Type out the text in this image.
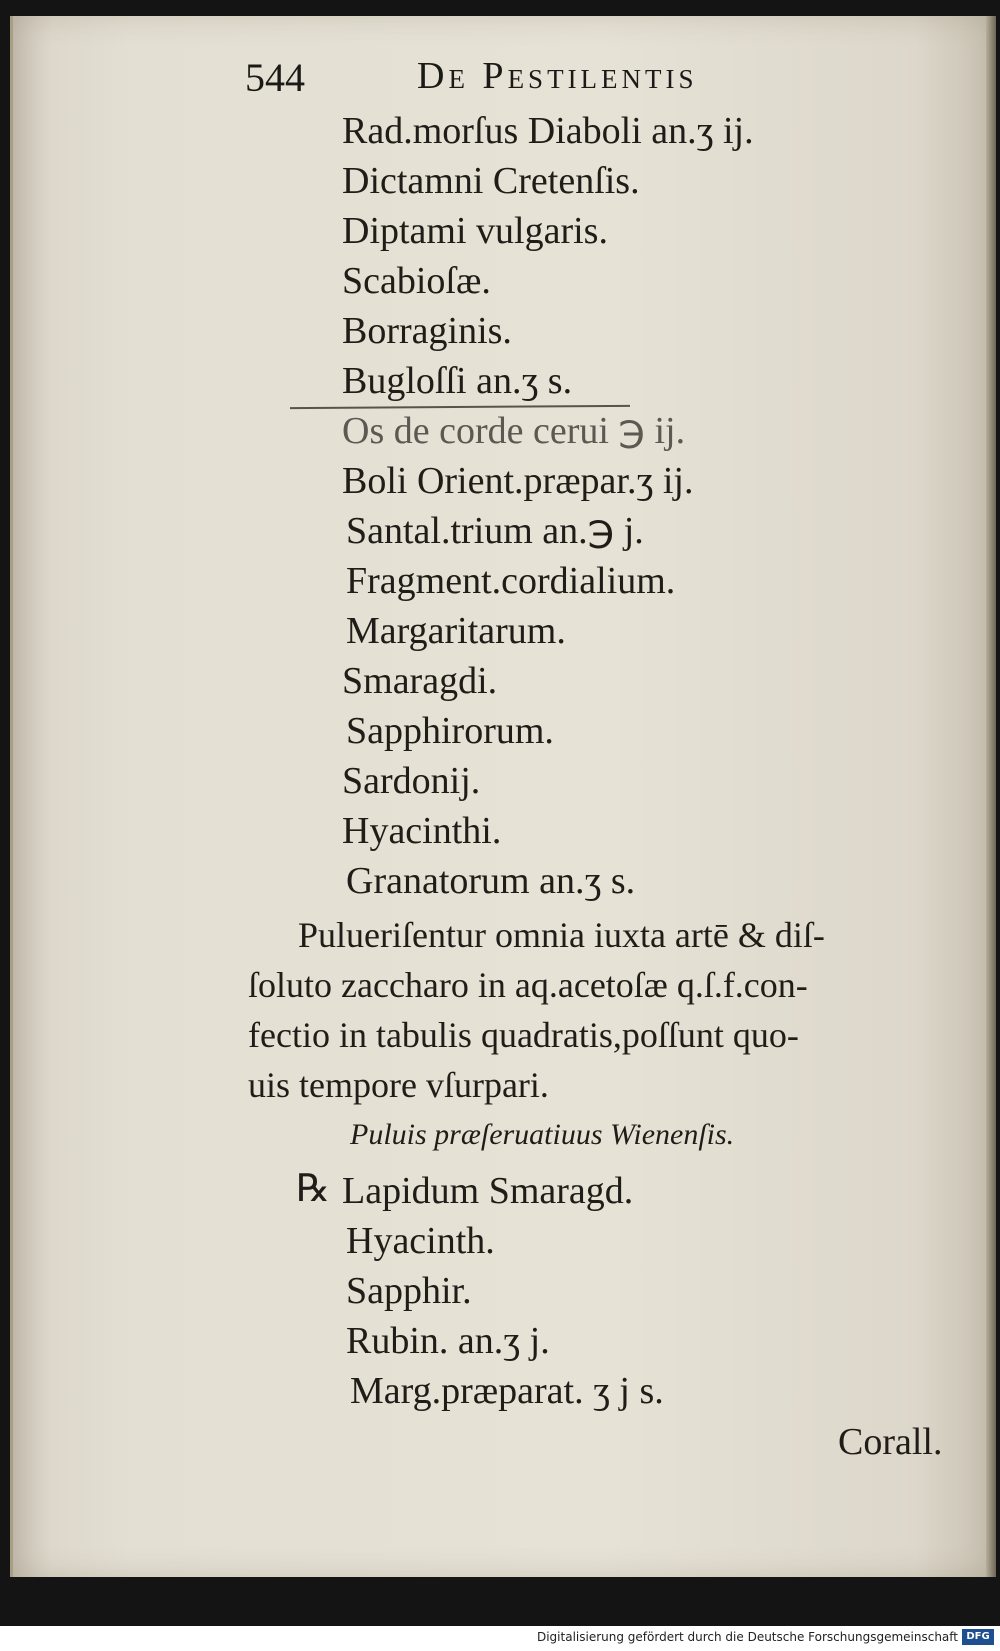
544	De Pestilentis
Rad.morſus Diaboli an.ʒ ij.
Dictamni Cretenſis.
Diptami vulgaris.
Scabioſæ.
Borraginis.
Bugloſſi an.ʒ s.
Os de corde cerui ℈ ij.
Boli Orient.præpar.ʒ ij.
Santal.trium an.℈ j.
Fragment.cordialium.
Margaritarum.
Smaragdi.
Sapphirorum.
Sardonij.
Hyacinthi.
Granatorum an.ʒ s.
Pulueriſentur omnia iuxta artē & diſ-
ſoluto zaccharo in aq.acetoſæ q.ſ.f.con-
fectio in tabulis quadratis,poſſunt quo-
uis tempore vſurpari.
Puluis præſeruatiuus Wienenſis.
℞ Lapidum Smaragd.
Hyacinth.
Sapphir.
Rubin. an.ʒ j.
Marg.præparat. ʒ j s.
Corall.
Digitalisierung gefördert durch die Deutsche Forschungsgemeinschaft DFG
